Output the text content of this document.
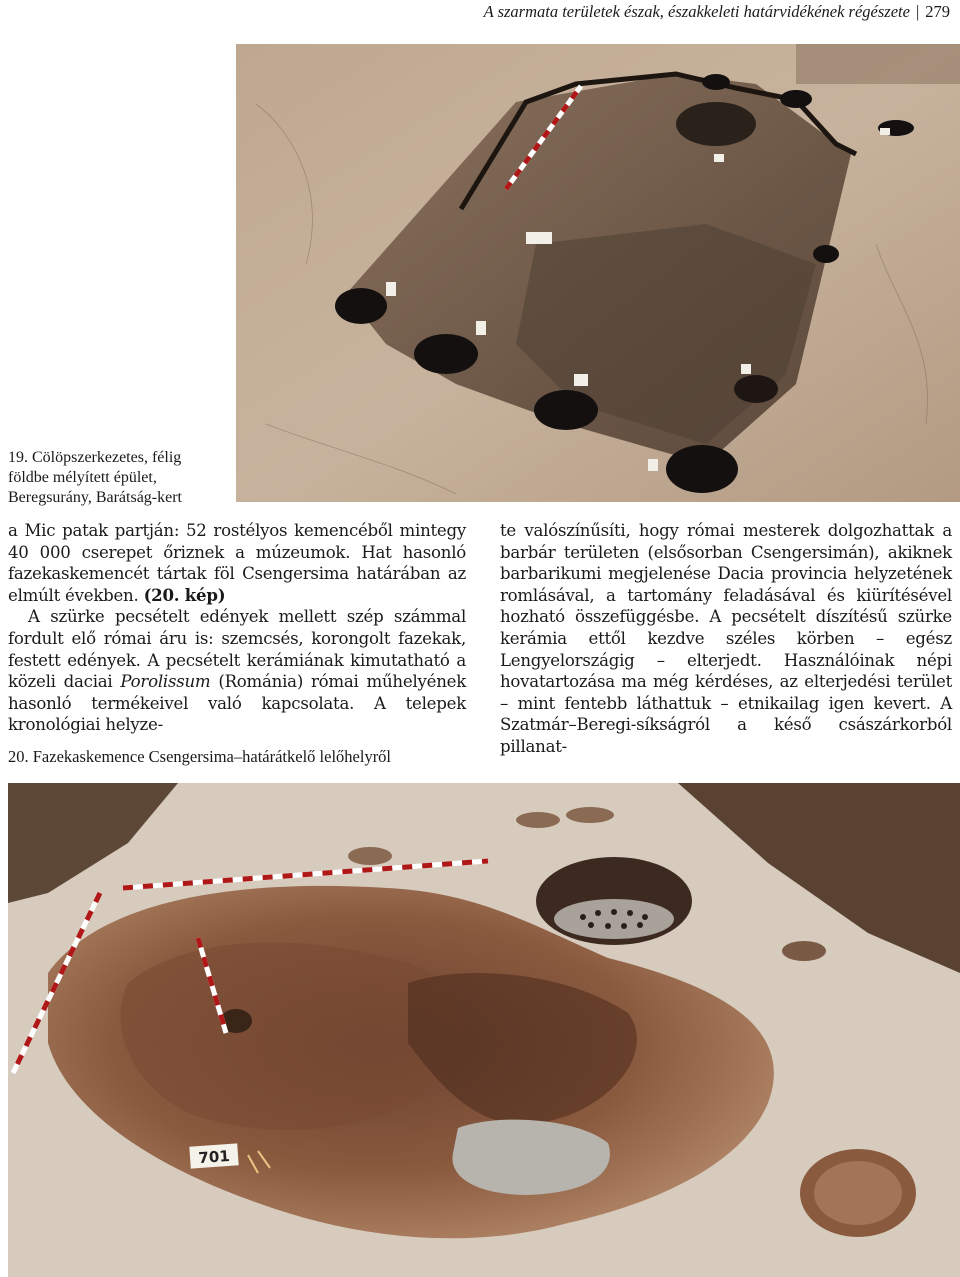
A szarmata területek észak, északkeleti határvidékének régészete | 279
19. Cölöpszerkezetes, félig
földbe mélyített épület,
Beregsurány, Barátság-kert

a Mic patak partján: 52 rostélyos kemencéből mintegy 40 000 cserepet őriznek a múzeumok. Hat hasonló fazekaskemencét tártak föl Csengersima határában az elmúlt években. (20. kép)

A szürke pecsételt edények mellett szép számmal fordult elő római áru is: szemcsés, korongolt fazekak, festett edények. A pecsételt kerámiának kimutatható a közeli daciai Porolissum (Románia) római műhelyének hasonló termékeivel való kapcsolata. A telepek kronológiai helyze-

te valószínűsíti, hogy római mesterek dolgozhattak a barbár területen (elsősorban Csengersimán), akiknek barbarikumi megjelenése Dacia provincia helyzetének romlásával, a tartomány feladásával és kiürítésével hozható összefüggésbe. A pecsételt díszítésű szürke kerámia ettől kezdve széles körben – egész Lengyelországig – elterjedt. Használóinak népi hovatartozása ma még kérdéses, az elterjedési terület – mint fentebb láthattuk – etnikailag igen kevert. A Szatmár–Beregi-síkságról a késő császárkorból pillanat-

20. Fazekaskemence Csengersima–határátkelő lelőhelyről
701
